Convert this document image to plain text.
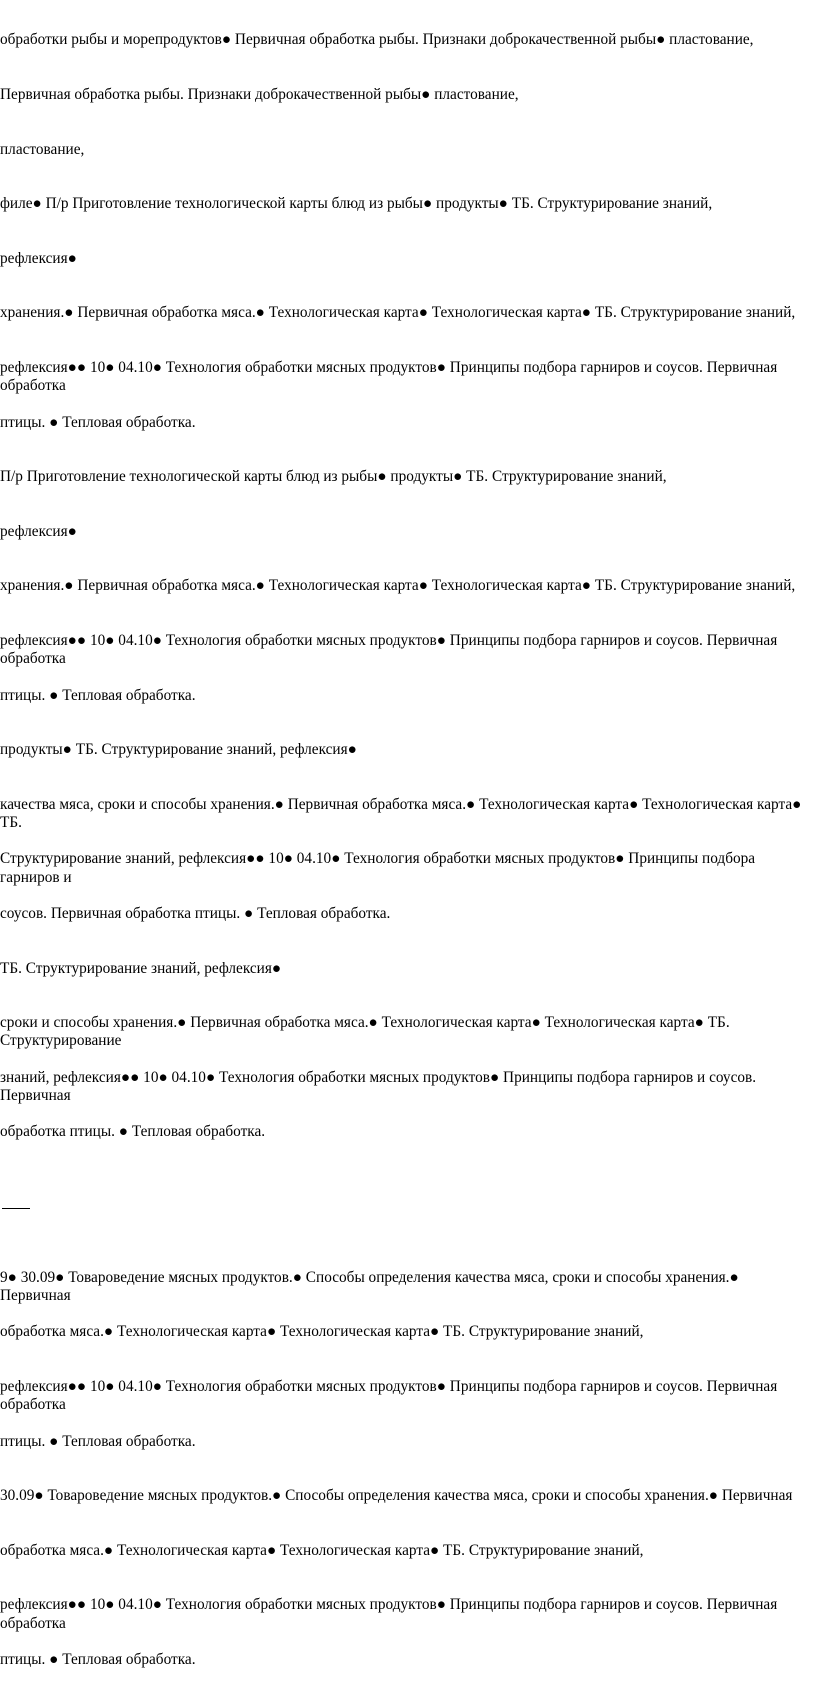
обработки рыбы и морепродуктов● Первичная обработка рыбы. Признаки доброкачественной рыбы● пластование,

Первичная обработка рыбы. Признаки доброкачественной рыбы● пластование,

пластование,

филе● П/р Приготовление технологической карты блюд из рыбы● продукты● ТБ. Структурирование знаний,

рефлексия●

хранения.● Первичная обработка мяса.● Технологическая карта● Технологическая карта● ТБ. Структурирование знаний,

рефлексия●● 10● 04.10● Технология обработки мясных продуктов● Принципы подбора гарниров и соусов. Первичная обработка

птицы. ● Тепловая обработка.

П/р Приготовление технологической карты блюд из рыбы● продукты● ТБ. Структурирование знаний,

рефлексия●

хранения.● Первичная обработка мяса.● Технологическая карта● Технологическая карта● ТБ. Структурирование знаний,

рефлексия●● 10● 04.10● Технология обработки мясных продуктов● Принципы подбора гарниров и соусов. Первичная обработка

птицы. ● Тепловая обработка.

продукты● ТБ. Структурирование знаний, рефлексия●

качества мяса, сроки и способы хранения.● Первичная обработка мяса.● Технологическая карта● Технологическая карта● ТБ.

Структурирование знаний, рефлексия●● 10● 04.10● Технология обработки мясных продуктов● Принципы подбора гарниров и

соусов. Первичная обработка птицы. ● Тепловая обработка.

ТБ. Структурирование знаний, рефлексия●

сроки и способы хранения.● Первичная обработка мяса.● Технологическая карта● Технологическая карта● ТБ. Структурирование

знаний, рефлексия●● 10● 04.10● Технология обработки мясных продуктов● Принципы подбора гарниров и соусов. Первичная

обработка птицы. ● Тепловая обработка.

9● 30.09● Товароведение мясных продуктов.● Способы определения качества мяса, сроки и способы хранения.● Первичная

обработка мяса.● Технологическая карта● Технологическая карта● ТБ. Структурирование знаний,

рефлексия●● 10● 04.10● Технология обработки мясных продуктов● Принципы подбора гарниров и соусов. Первичная обработка

птицы. ● Тепловая обработка.

30.09● Товароведение мясных продуктов.● Способы определения качества мяса, сроки и способы хранения.● Первичная

обработка мяса.● Технологическая карта● Технологическая карта● ТБ. Структурирование знаний,

рефлексия●● 10● 04.10● Технология обработки мясных продуктов● Принципы подбора гарниров и соусов. Первичная обработка

птицы. ● Тепловая обработка.
